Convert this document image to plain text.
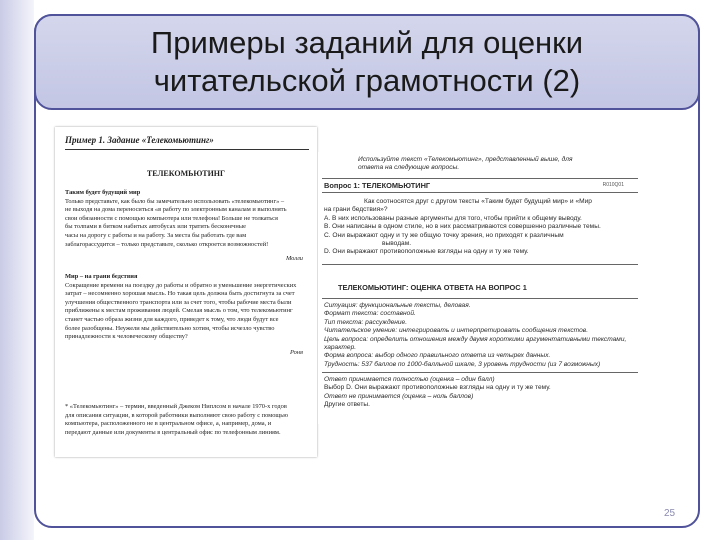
Примеры заданий для оценки
читательской грамотности (2)
Пример 1. Задание «Телекомьютинг»
ТЕЛЕКОМЬЮТИНГ
Таким будет будущий мир
Только представьте, как было бы замечательно использовать «телекомьютинг» –
не выходя на дома переноситься «в работу по электронным каналам и выполнять
свои обязанности с помощью компьютера или телефона! Больше не толкаться
бы толпами в битком набитых автобусах или тратить бесконечные
часы на дорогу с работы и на работу. За места бы работать где вам
заблагорассудится – только представьте, сколько откроется возможностей!
Молли
Мир – на грани бедствия
Сокращение времени на поездку до работы и обратно и уменьшение энергетических
затрат – несомненно хорошая мысль. Но такая цель должна быть достигнута за счет
улучшения общественного транспорта или за счет того, чтобы рабочие места были
приближены к местам проживания людей. Смелая мысль о том, что телекомьютинг
станет частью образа жизни для каждого, приведет к тому, что люди будут все
более разобщены. Неужели мы действительно хотим, чтобы исчезло чувство
принадлежности к человеческому обществу?
Роня
* «Телекомьютинг» – термин, введенный Джеком Ниплсом в начале 1970-х годов
для описания ситуации, в которой работники выполняют свою работу с помощью
компьютера, расположенного не в центральном офисе, а, например, дома, и
передают данные или документы в центральный офис по телефонным линиям.
Используйте текст «Телекомьютинг», представленный выше, для
ответа на следующие вопросы.
Вопрос 1: ТЕЛЕКОМЬЮТИНГ	R010Q01
Как соотносятся друг с другом тексты «Таким будет будущий мир» и «Мир
на грани бедствия»?
A. В них использованы разные аргументы для того, чтобы прийти к общему выводу.
B. Они написаны в одном стиле, но в них рассматриваются совершенно различные темы.
C. Они выражают одну и ту же общую точку зрения, но приходят к различным
выводам.
D. Они выражают противоположные взгляды на одну и ту же тему.
ТЕЛЕКОМЬЮТИНГ: ОЦЕНКА ОТВЕТА НА ВОПРОС 1
Ситуация: функциональные тексты, деловая.
Формат текста: составной.
Тип текста: рассуждение.
Читательское умение: интегрировать и интерпретировать сообщения текстов.
Цель вопроса: определить отношения между двумя короткими аргументативными текстами,
характер.
Форма вопроса: выбор одного правильного ответа из четырех данных.
Трудность: 537 баллов по 1000-балльной шкале, 3 уровень трудности (из 7 возможных)
Ответ принимается полностью (оценка – один балл)
Выбор D. Они выражают противоположные взгляды на одну и ту же тему.
Ответ не принимается (оценка – ноль баллов)
Другие ответы.
25
